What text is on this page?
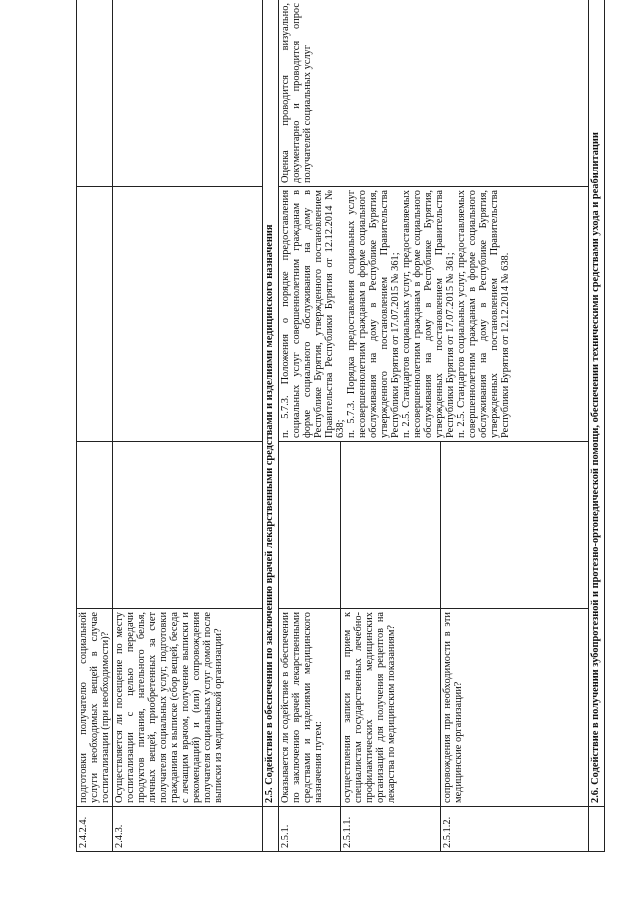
2.4.2.4.	подготовки получателю социальной услуги необходимых вещей в случае госпитализации (при необходимости)?			
2.4.3.	Осуществляется ли посещение по месту госпитализации с целью передачи продуктов питания, нательного белья, личных вещей, приобретенных за счет получателя социальных услуг, подготовки гражданина к выписке (сбор вещей, беседа с лечащим врачом, получение выписки и рекомендаций) и (или) сопровождения получателя социальных услуг домой после выписки из медицинской организации?			

	2.5. Содействие в обеспечении по заключению врачей лекарственными средствами и изделиями медицинского назначения			

2.5.1.	Оказывается ли содействие в обеспечении по заключению врачей лекарственными средствами и изделиями медицинского назначения путем:		п. 5.7.3. Положения о порядке предоставления социальных услуг совершеннолетним гражданам в форме социального обслуживания на дому в Республике Бурятия, утвержденного постановлением Правительства Республики Бурятия от 12.12.2014 № 638; п. 5.7.3. Порядка предоставления социальных услуг несовершеннолетним гражданам в форме социального обслуживания на дому в Республике Бурятия, утвержденного постановлением Правительства Республики Бурятия от 17.07.2015 № 361; п. 2.5. Стандартов социальных услуг, предоставляемых несовершеннолетним гражданам в форме социального обслуживания на дому в Республике Бурятия, утвержденных постановлением Правительства Республики Бурятия от 17.07.2015 № 361; п. 2.5. Стандартов социальных услуг, предоставляемых совершеннолетним гражданам в форме социального обслуживания на дому в Республике Бурятия, утвержденных постановлением Правительства Республики Бурятия от 12.12.2014 № 638.	Оценка проводится визуально, документарно и проводится опрос получателей социальных услуг
2.5.1.1.	осуществления записи на прием к специалистам государственных лечебно-профилактических медицинских организаций для получения рецептов на лекарства по медицинским показаниям?			
2.5.1.2.	сопровождения при необходимости в эти медицинские организации?			

	2.6. Содействие в получении зубопротезной и протезно-ортопедической помощи, обеспечении техническими средствами ухода и реабилитации			
